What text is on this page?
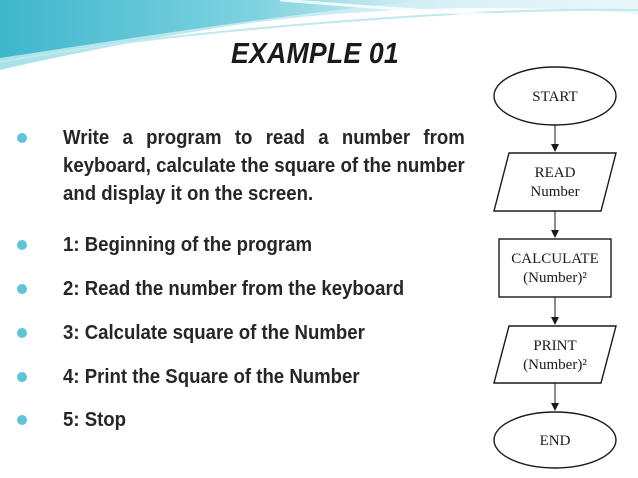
EXAMPLE 01
Write a program to read a number from keyboard, calculate the square of the number and display it on the screen.
1: Beginning of the program
2: Read the number from the keyboard
3: Calculate square of the Number
4: Print the Square of the Number
5: Stop
START
READ
Number
CALCULATE
(Number)²
PRINT
(Number)²
END
